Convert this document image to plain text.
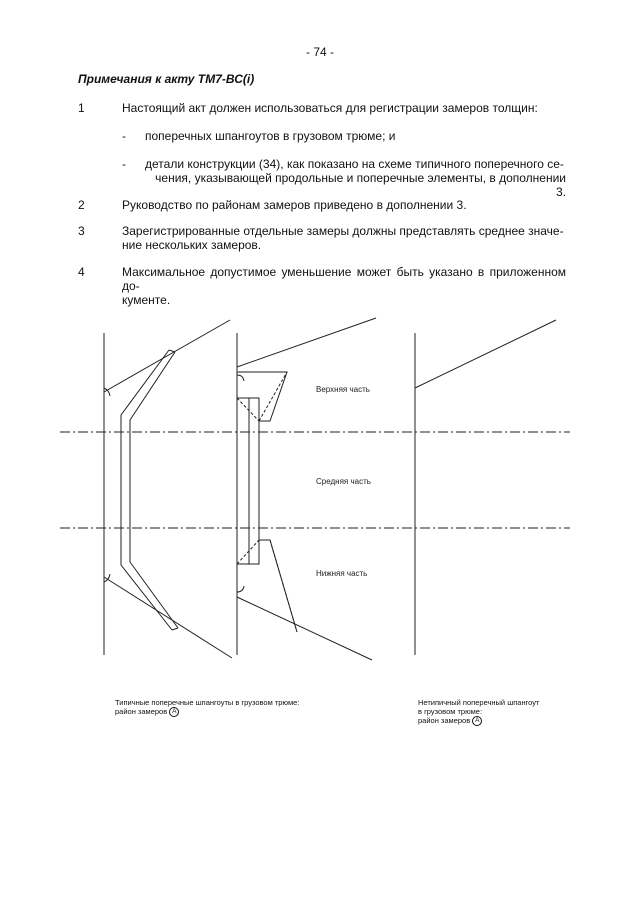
- 74 -
Примечания к акту ТМ7-ВС(i)
1	Настоящий акт должен использоваться для регистрации замеров толщин:
- поперечных шпангоутов в грузовом трюме; и
- детали конструкции (34), как показано на схеме типичного поперечного се-
чения, указывающей продольные и поперечные элементы, в дополнении 3.
2	Руководство по районам замеров приведено в дополнении 3.
3	Зарегистрированные отдельные замеры должны представлять среднее значе-
ние нескольких замеров.
4	Максимальное допустимое уменьшение может быть указано в приложенном до-
кументе.
Верхняя часть
Средняя часть
Нижняя часть
Типичные поперечные шпангоуты в грузовом трюме:
район замеров A
Нетипичный поперечный шпангоут
в грузовом трюме:
район замеров A
